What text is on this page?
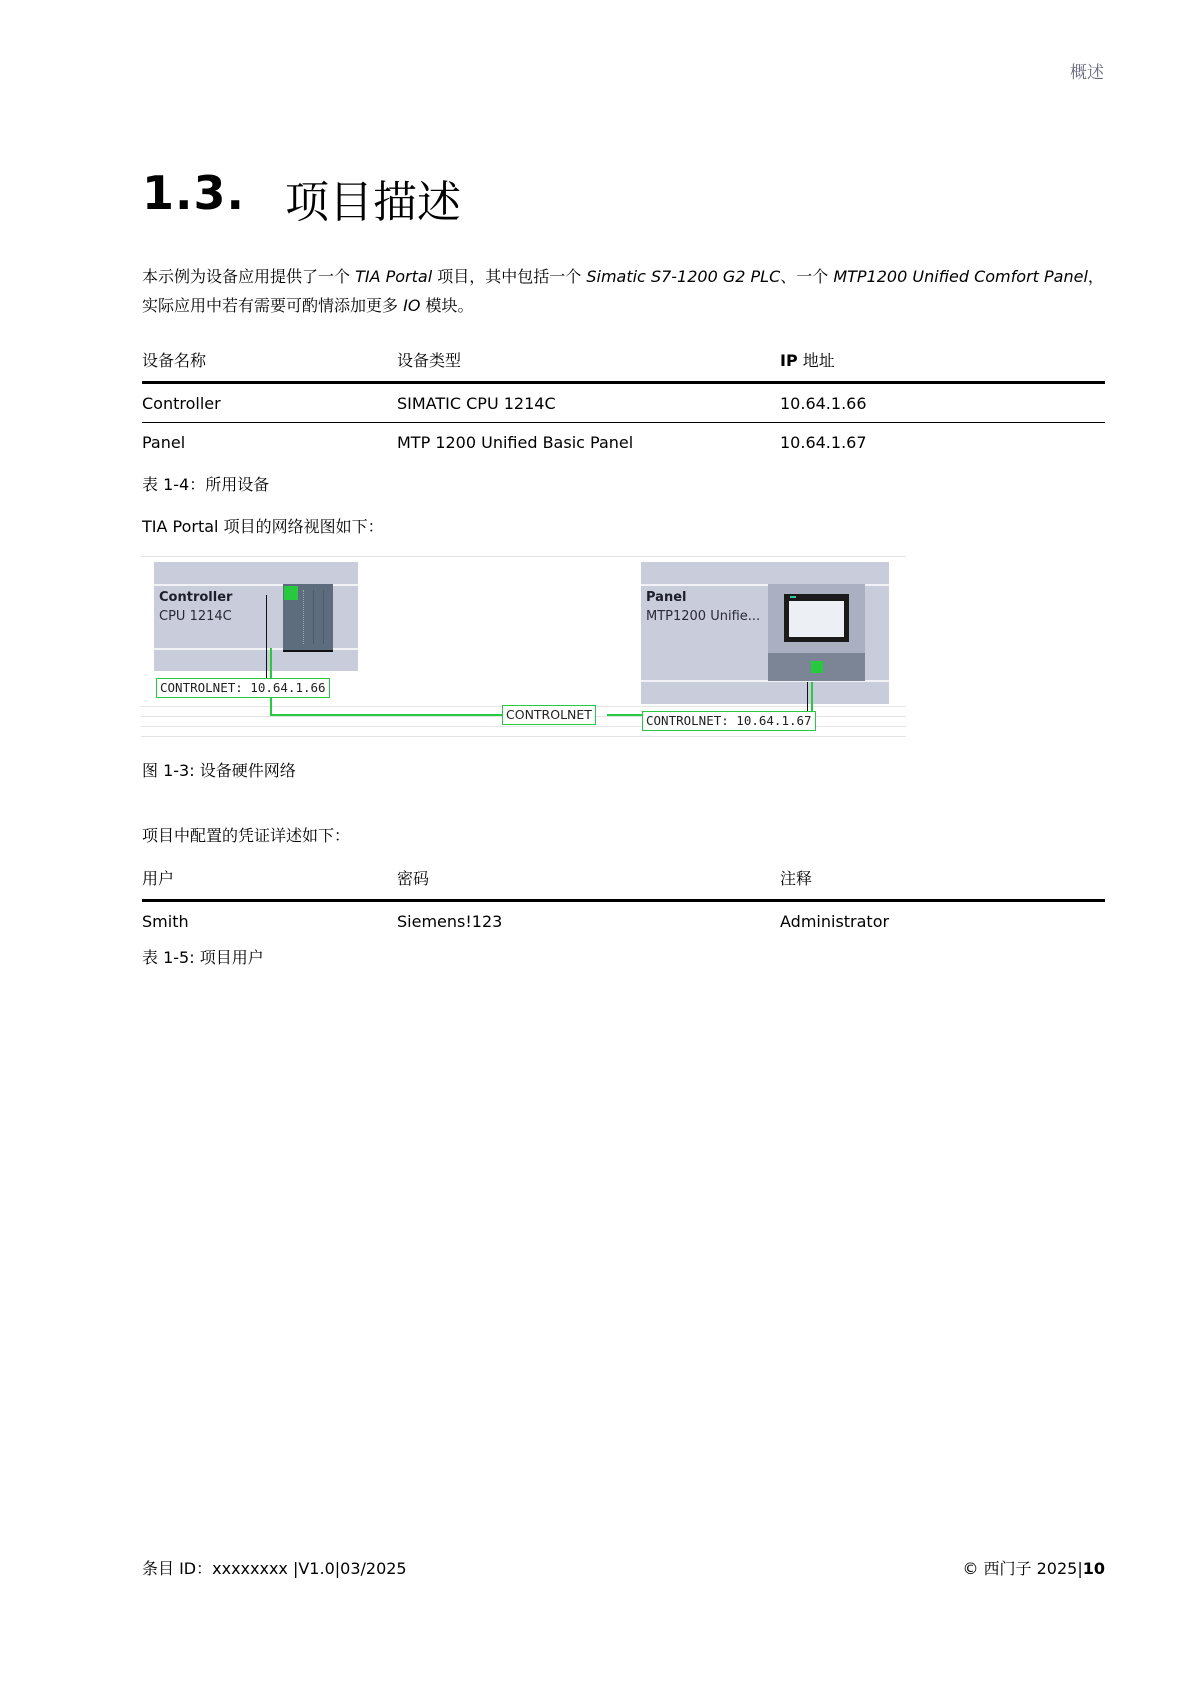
概述
1.3. 项目描述
本示例为设备应用提供了一个 TIA Portal 项目，其中包括一个 Simatic S7-1200 G2 PLC、一个 MTP1200 Unified Comfort Panel，实际应用中若有需要可酌情添加更多 IO 模块。
设备名称	设备类型	IP 地址
Controller	SIMATIC CPU 1214C	10.64.1.66
Panel	MTP 1200 Unified Basic Panel	10.64.1.67
表 1-4：所用设备
TIA Portal 项目的网络视图如下：
Controller
CPU 1214C
CONTROLNET: 10.64.1.66
CONTROLNET
Panel
MTP1200 Unifie...
CONTROLNET: 10.64.1.67
图 1-3: 设备硬件网络
项目中配置的凭证详述如下：
用户	密码	注释
Smith	Siemens!123	Administrator
表 1-5: 项目用户
条目 ID：xxxxxxxx |V1.0|03/2025	© 西门子 2025|10
